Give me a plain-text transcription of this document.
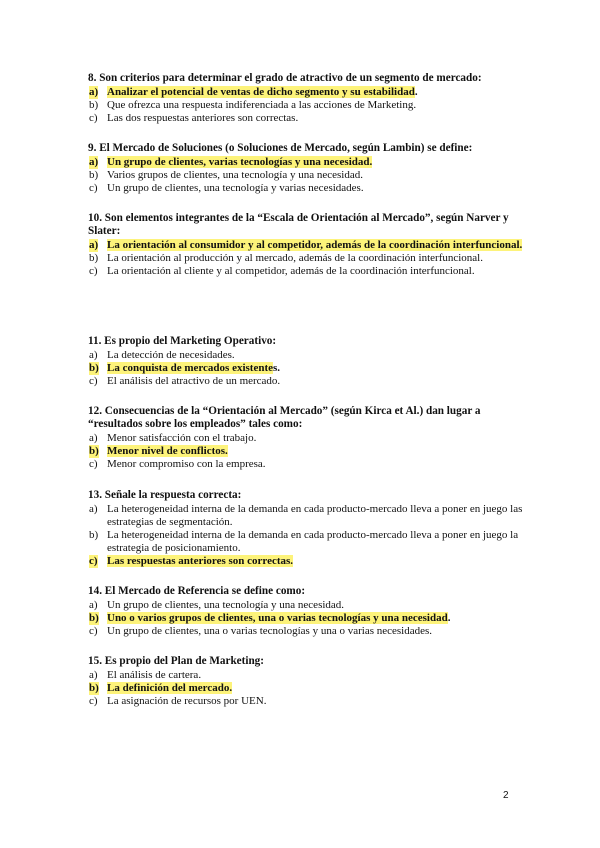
8. Son criterios para determinar el grado de atractivo de un segmento de mercado:

a) Analizar el potencial de ventas de dicho segmento y su estabilidad.

b) Que ofrezca una respuesta indiferenciada a las acciones de Marketing.

c) Las dos respuestas anteriores son correctas.

9. El Mercado de Soluciones (o Soluciones de Mercado, según Lambin) se define:

a) Un grupo de clientes, varias tecnologías y una necesidad.

b) Varios grupos de clientes, una tecnología y una necesidad.

c) Un grupo de clientes, una tecnología y varias necesidades.

10. Son elementos integrantes de la “Escala de Orientación al Mercado”, según Narver y Slater:

a) La orientación al consumidor y al competidor, además de la coordinación interfuncional.

b) La orientación al producción y al mercado, además de la coordinación interfuncional.

c) La orientación al cliente y al competidor, además de la coordinación interfuncional.

11. Es propio del Marketing Operativo:

a) La detección de necesidades.

b) La conquista de mercados existentes.

c) El análisis del atractivo de un mercado.

12. Consecuencias de la “Orientación al Mercado” (según Kirca et Al.) dan lugar a “resultados sobre los empleados” tales como:

a) Menor satisfacción con el trabajo.

b) Menor nivel de conflictos.

c) Menor compromiso con la empresa.

13. Señale la respuesta correcta:

a) La heterogeneidad interna de la demanda en cada producto-mercado lleva a poner en juego las estrategias de segmentación.

b) La heterogeneidad interna de la demanda en cada producto-mercado lleva a poner en juego la estrategia de posicionamiento.

c) Las respuestas anteriores son correctas.

14. El Mercado de Referencia se define como:

a) Un grupo de clientes, una tecnología y una necesidad.

b) Uno o varios grupos de clientes, una o varias tecnologías y una necesidad.

c) Un grupo de clientes, una o varias tecnologías y una o varias necesidades.

15. Es propio del Plan de Marketing:

a) El análisis de cartera.

b) La definición del mercado.

c) La asignación de recursos por UEN.

2
